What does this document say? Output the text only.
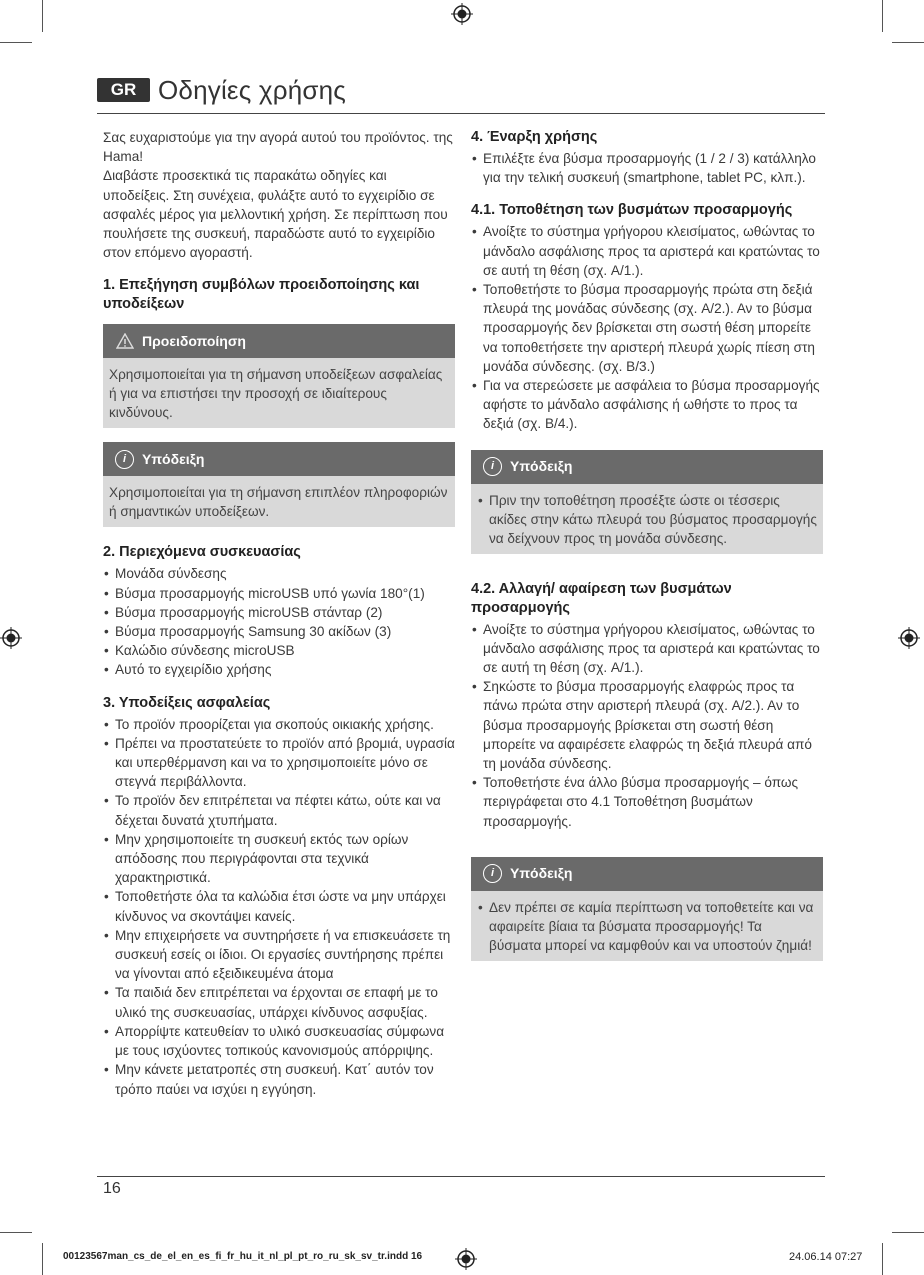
GR Οδηγίες χρήσης

Σας ευχαριστούμε για την αγορά αυτού του προϊόντος. της Hama!

Διαβάστε προσεκτικά τις παρακάτω οδηγίες και υποδείξεις. Στη συνέχεια, φυλάξτε αυτό το εγχειρίδιο σε ασφαλές μέρος για μελλοντική χρήση. Σε περίπτωση που πουλήσετε της συσκευή, παραδώστε αυτό το εγχειρίδιο στον επόμενο αγοραστή.

1. Επεξήγηση συμβόλων προειδοποίησης και υποδείξεων
Προειδοποίηση
Χρησιμοποιείται για τη σήμανση υποδείξεων ασφαλείας ή για να επιστήσει την προσοχή σε ιδιαίτερους κινδύνους.
i	Υπόδειξη
Χρησιμοποιείται για τη σήμανση επιπλέον πληροφοριών ή σημαντικών υποδείξεων.
2. Περιεχόμενα συσκευασίας
• Μονάδα σύνδεσης
• Βύσμα προσαρμογής microUSB υπό γωνία 180°(1)
• Βύσμα προσαρμογής microUSB στάνταρ (2)
• Βύσμα προσαρμογής Samsung 30 ακίδων (3)
• Καλώδιο σύνδεσης microUSB
• Αυτό το εγχειρίδιο χρήσης
3. Υποδείξεις ασφαλείας
• Το προϊόν προορίζεται για σκοπούς οικιακής χρήσης.
• Πρέπει να προστατεύετε το προϊόν από βρομιά, υγρασία και υπερθέρμανση και να το χρησιμοποιείτε μόνο σε στεγνά περιβάλλοντα.
• Το προϊόν δεν επιτρέπεται να πέφτει κάτω, ούτε και να δέχεται δυνατά χτυπήματα.
• Μην χρησιμοποιείτε τη συσκευή εκτός των ορίων απόδοσης που περιγράφονται στα τεχνικά χαρακτηριστικά.
• Τοποθετήστε όλα τα καλώδια έτσι ώστε να μην υπάρχει κίνδυνος να σκοντάψει κανείς.
• Μην επιχειρήσετε να συντηρήσετε ή να επισκευάσετε τη συσκευή εσείς οι ίδιοι. Οι εργασίες συντήρησης πρέπει να γίνονται από εξειδικευμένα άτομα
• Τα παιδιά δεν επιτρέπεται να έρχονται σε επαφή με το υλικό της συσκευασίας, υπάρχει κίνδυνος ασφυξίας.
• Απορρίψτε κατευθείαν το υλικό συσκευασίας σύμφωνα με τους ισχύοντες τοπικούς κανονισμούς απόρριψης.
• Μην κάνετε μετατροπές στη συσκευή. Κατ΄ αυτόν τον τρόπο παύει να ισχύει η εγγύηση.
4. Έναρξη χρήσης
• Επιλέξτε ένα βύσμα προσαρμογής (1 / 2 / 3) κατάλληλο για την τελική συσκευή (smartphone, tablet PC, κλπ.).
4.1. Τοποθέτηση των βυσμάτων προσαρμογής
• Ανοίξτε το σύστημα γρήγορου κλεισίματος, ωθώντας το μάνδαλο ασφάλισης προς τα αριστερά και κρατώντας το σε αυτή τη θέση (σχ. A/1.).
• Τοποθετήστε το βύσμα προσαρμογής πρώτα στη δεξιά πλευρά της μονάδας σύνδεσης (σχ. A/2.). Αν το βύσμα προσαρμογής δεν βρίσκεται στη σωστή θέση μπορείτε να τοποθετήσετε την αριστερή πλευρά χωρίς πίεση στη μονάδα σύνδεσης. (σχ. B/3.)
• Για να στερεώσετε με ασφάλεια το βύσμα προσαρμογής αφήστε το μάνδαλο ασφάλισης ή ωθήστε το προς τα δεξιά (σχ. B/4.).
i	Υπόδειξη
• Πριν την τοποθέτηση προσέξτε ώστε οι τέσσερις ακίδες στην κάτω πλευρά του βύσματος προσαρμογής να δείχνουν προς τη μονάδα σύνδεσης.
4.2. Αλλαγή/ αφαίρεση των βυσμάτων προσαρμογής
• Ανοίξτε το σύστημα γρήγορου κλεισίματος, ωθώντας το μάνδαλο ασφάλισης προς τα αριστερά και κρατώντας το σε αυτή τη θέση (σχ. A/1.).
• Σηκώστε το βύσμα προσαρμογής ελαφρώς προς τα πάνω πρώτα στην αριστερή πλευρά (σχ. A/2.). Αν το βύσμα προσαρμογής βρίσκεται στη σωστή θέση μπορείτε να αφαιρέσετε ελαφρώς τη δεξιά πλευρά από τη μονάδα σύνδεσης.
• Τοποθετήστε ένα άλλο βύσμα προσαρμογής – όπως περιγράφεται στο 4.1 Τοποθέτηση βυσμάτων προσαρμογής.
i	Υπόδειξη
• Δεν πρέπει σε καμία περίπτωση να τοποθετείτε και να αφαιρείτε βίαια τα βύσματα προσαρμογής! Τα βύσματα μπορεί να καμφθούν και να υποστούν ζημιά!
16
00123567man_cs_de_el_en_es_fi_fr_hu_it_nl_pl_pt_ro_ru_sk_sv_tr.indd 16	24.06.14 07:27
